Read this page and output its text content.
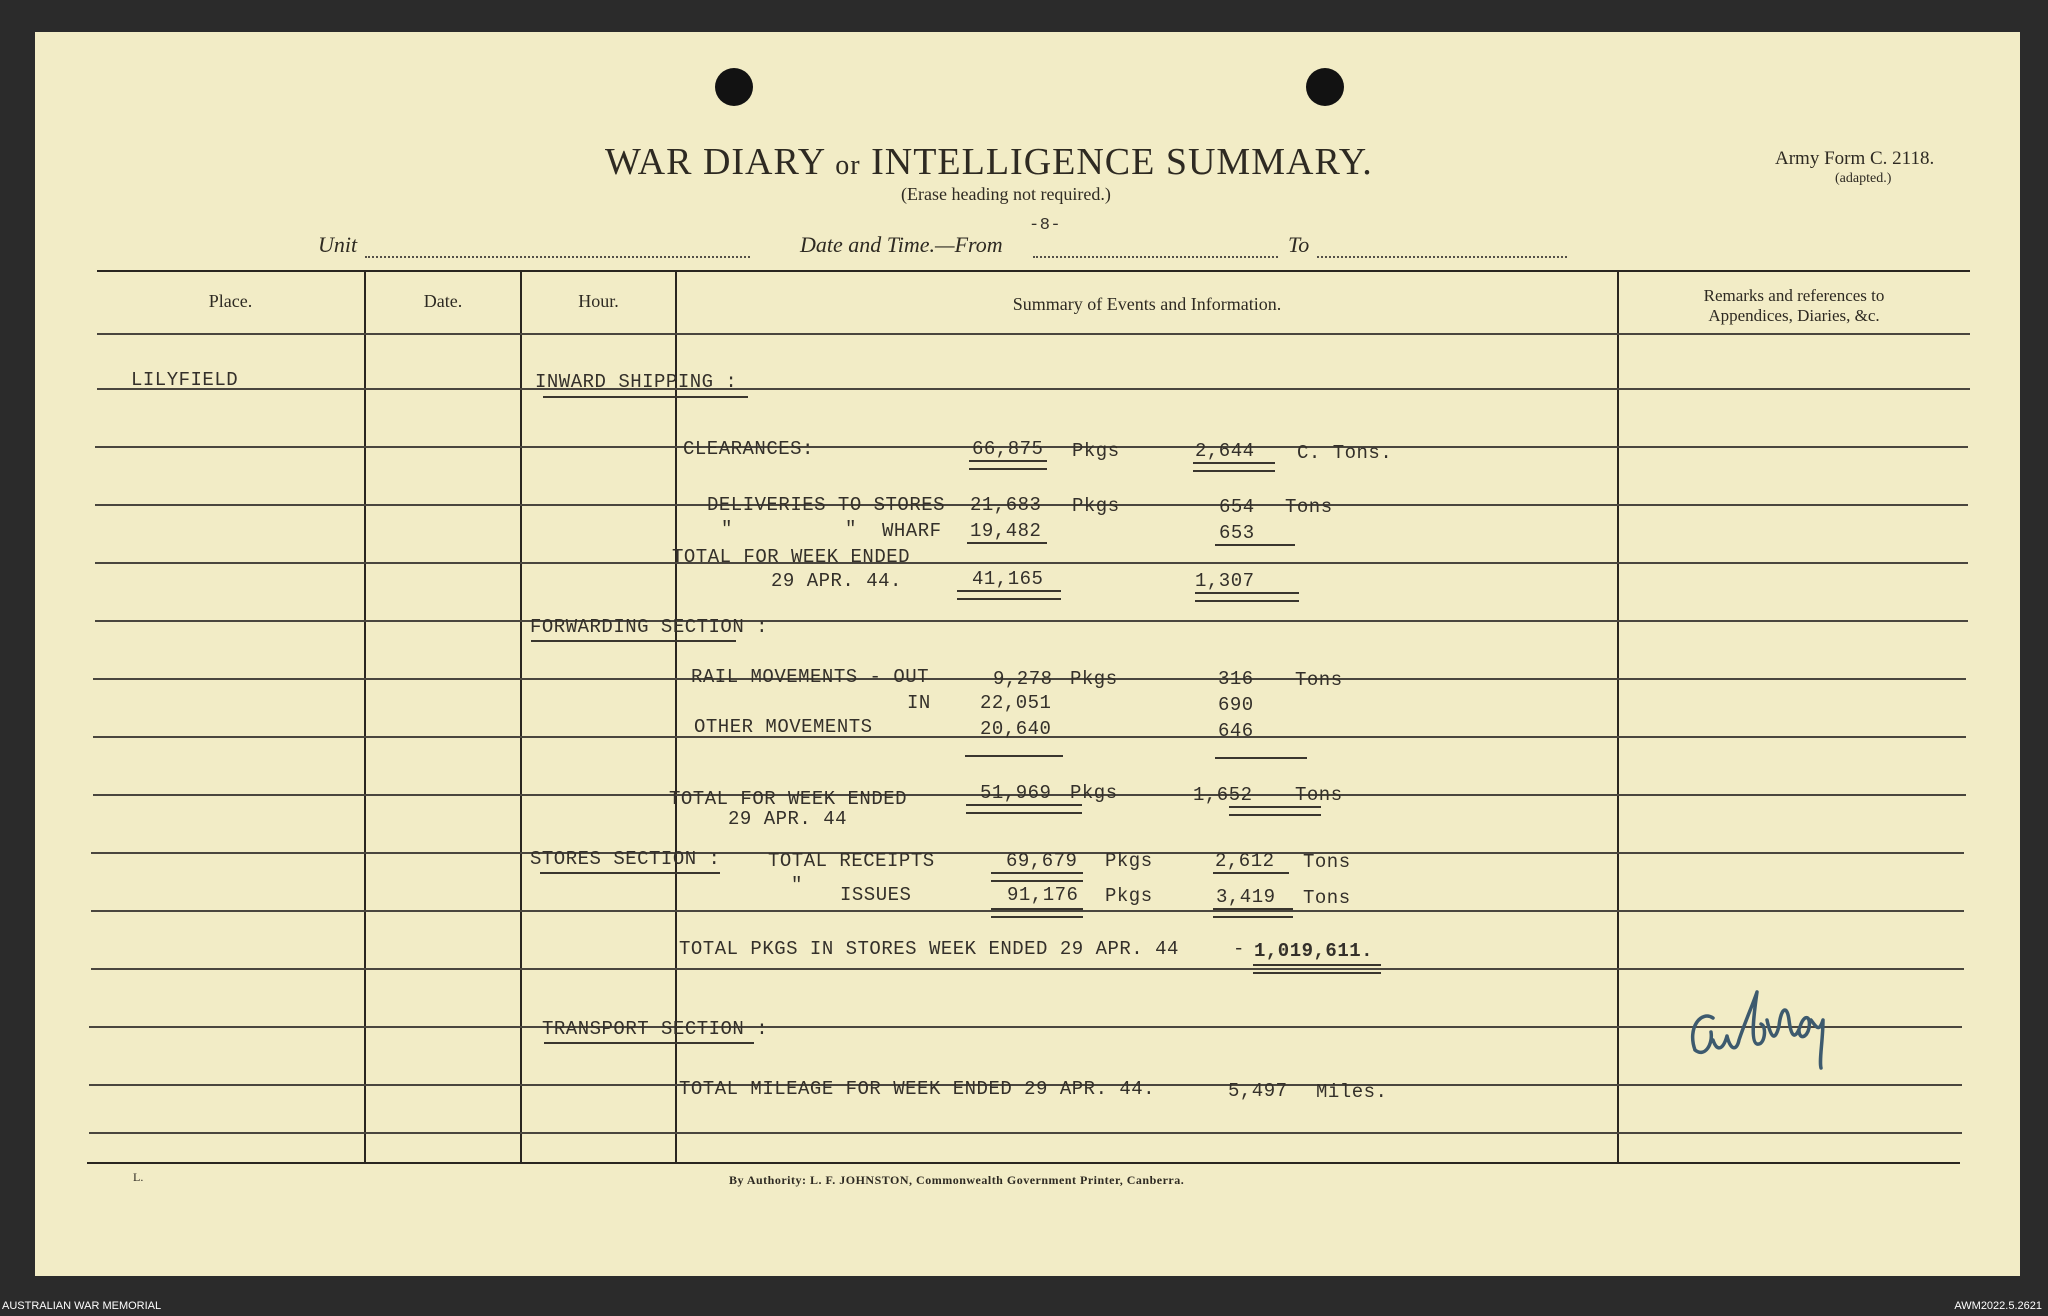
WAR DIARY or INTELLIGENCE SUMMARY.
(Erase heading not required.)
Army Form C. 2118.
(adapted.)
Unit	Date and Time.—From
-8-
To
Place.	Date.	Hour.	Summary of Events and Information.	Remarks and references to
Appendices, Diaries, &c.
LILYFIELD	INWARD SHIPPING :
CLEARANCES:	66,875 Pkgs	2,644 C. Tons.
DELIVERIES TO STORES 21,683 Pkgs	654 Tons
"	" WHARF 19,482	653
TOTAL FOR WEEK ENDED
29 APR. 44.	41,165	1,307
FORWARDING SECTION :
RAIL MOVEMENTS - OUT	9,278 Pkgs	316 Tons
IN	22,051	690
OTHER MOVEMENTS	20,640	646
TOTAL FOR WEEK ENDED	51,969 Pkgs	1,652 Tons
29 APR. 44
STORES SECTION :	TOTAL RECEIPTS	69,679 Pkgs	2,612 Tons
" ISSUES	91,176 Pkgs	3,419 Tons
TOTAL PKGS IN STORES WEEK ENDED 29 APR. 44	- 1,019,611.
TRANSPORT SECTION :
TOTAL MILEAGE FOR WEEK ENDED 29 APR. 44.	5,497 Miles.
L.	By Authority: L. F. JOHNSTON, Commonwealth Government Printer, Canberra.
AUSTRALIAN WAR MEMORIAL	AWM2022.5.2621
